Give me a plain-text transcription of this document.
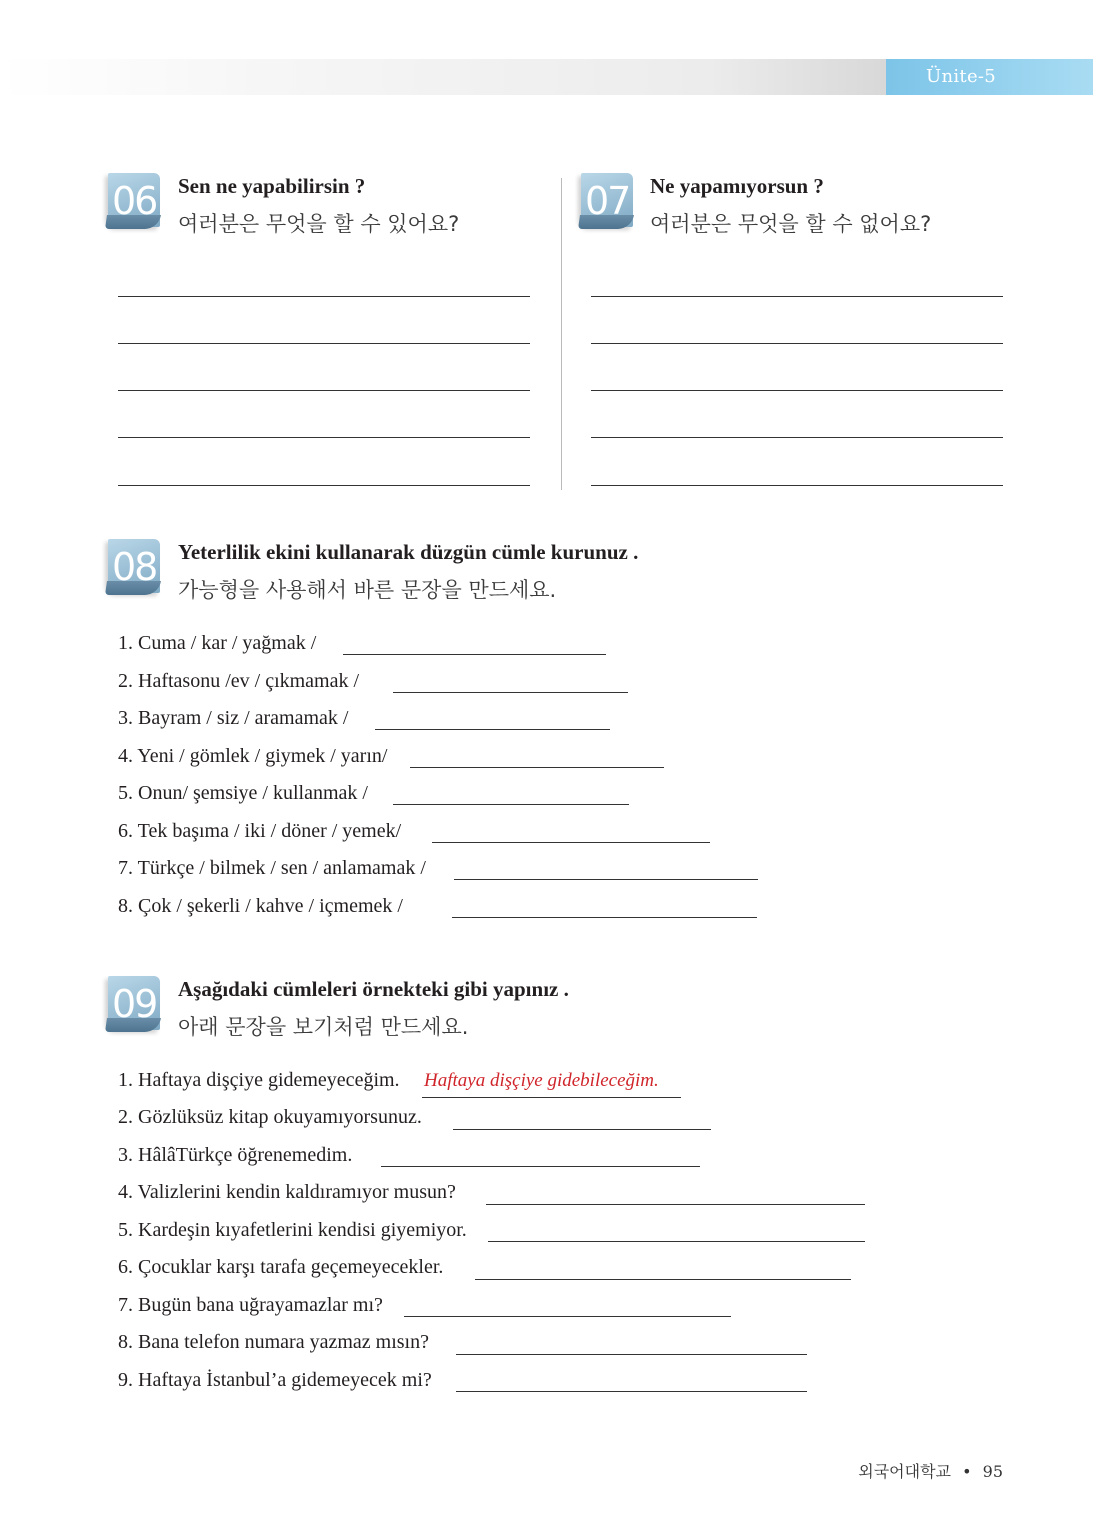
Ünite-5
06 Sen ne yapabilirsin ?
여러분은 무엇을 할 수 있어요?
07 Ne yapamıyorsun ?
여러분은 무엇을 할 수 없어요?
08 Yeterlilik ekini kullanarak düzgün cümle kurunuz .
가능형을 사용해서 바른 문장을 만드세요.
1. Cuma / kar / yağmak /
2. Haftasonu /ev / çıkmamak /
3. Bayram / siz / aramamak /
4. Yeni / gömlek / giymek / yarın/
5. Onun/ şemsiye / kullanmak /
6. Tek başıma / iki / döner / yemek/
7. Türkçe / bilmek / sen / anlamamak /
8. Çok / şekerli / kahve / içmemek /
09 Aşağıdaki cümleleri örnekteki gibi yapınız .
아래 문장을 보기처럼 만드세요.
1. Haftaya dişçiye gidemeyeceğim. Haftaya dişçiye gidebileceğim.
2. Gözlüksüz kitap okuyamıyorsunuz.
3. HâlâTürkçe öğrenemedim.
4. Valizlerini kendin kaldıramıyor musun?
5. Kardeşin kıyafetlerini kendisi giyemiyor.
6. Çocuklar karşı tarafa geçemeyecekler.
7. Bugün bana uğrayamazlar mı?
8. Bana telefon numara yazmaz mısın?
9. Haftaya İstanbul’a gidemeyecek mi?
외국어대학교 • 95
